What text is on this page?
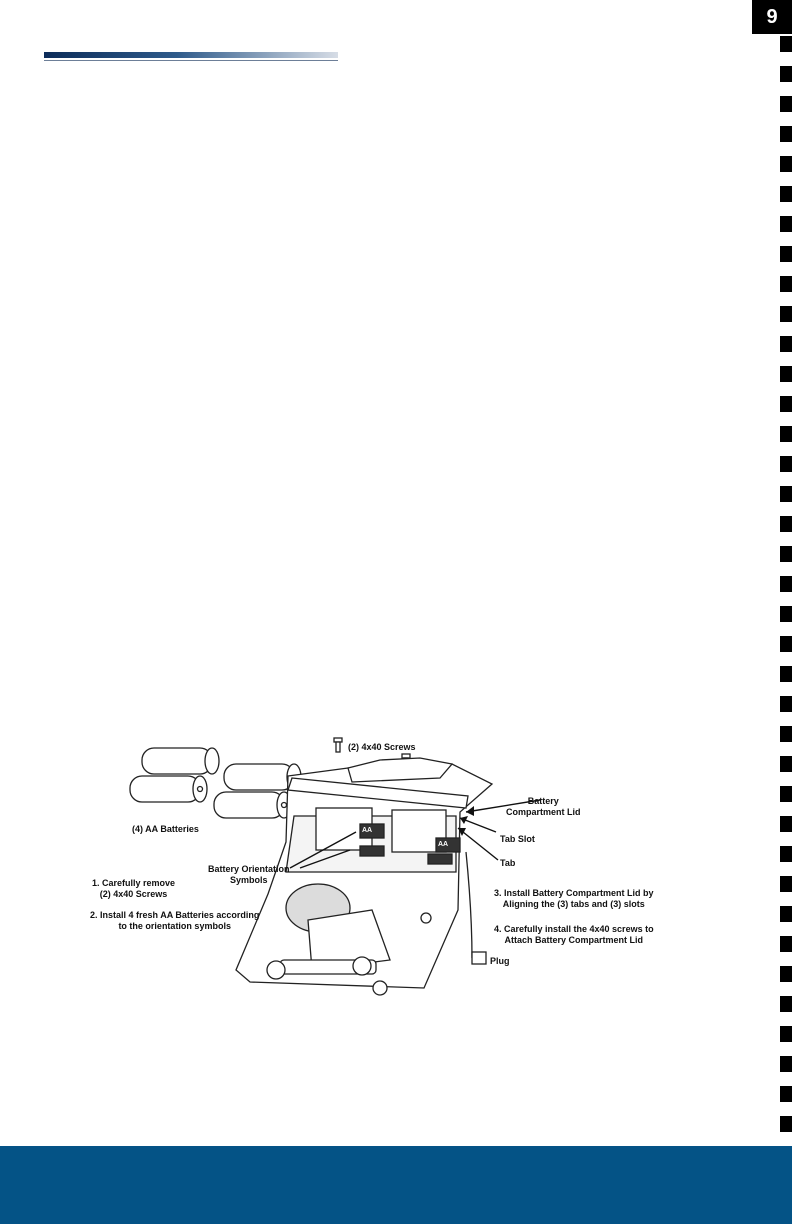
9
(2) 4x40 Screws
Battery
Compartment Lid
Tab Slot
Tab
(4) AA Batteries
Battery Orientation
Symbols
1. Carefully remove
(2) 4x40 Screws
2. Install 4 fresh AA Batteries according
to the orientation symbols
3. Install Battery Compartment Lid by
Aligning the (3) tabs and (3) slots
4. Carefully install the 4x40 screws to
Attach Battery Compartment Lid
Plug
AA
AA
